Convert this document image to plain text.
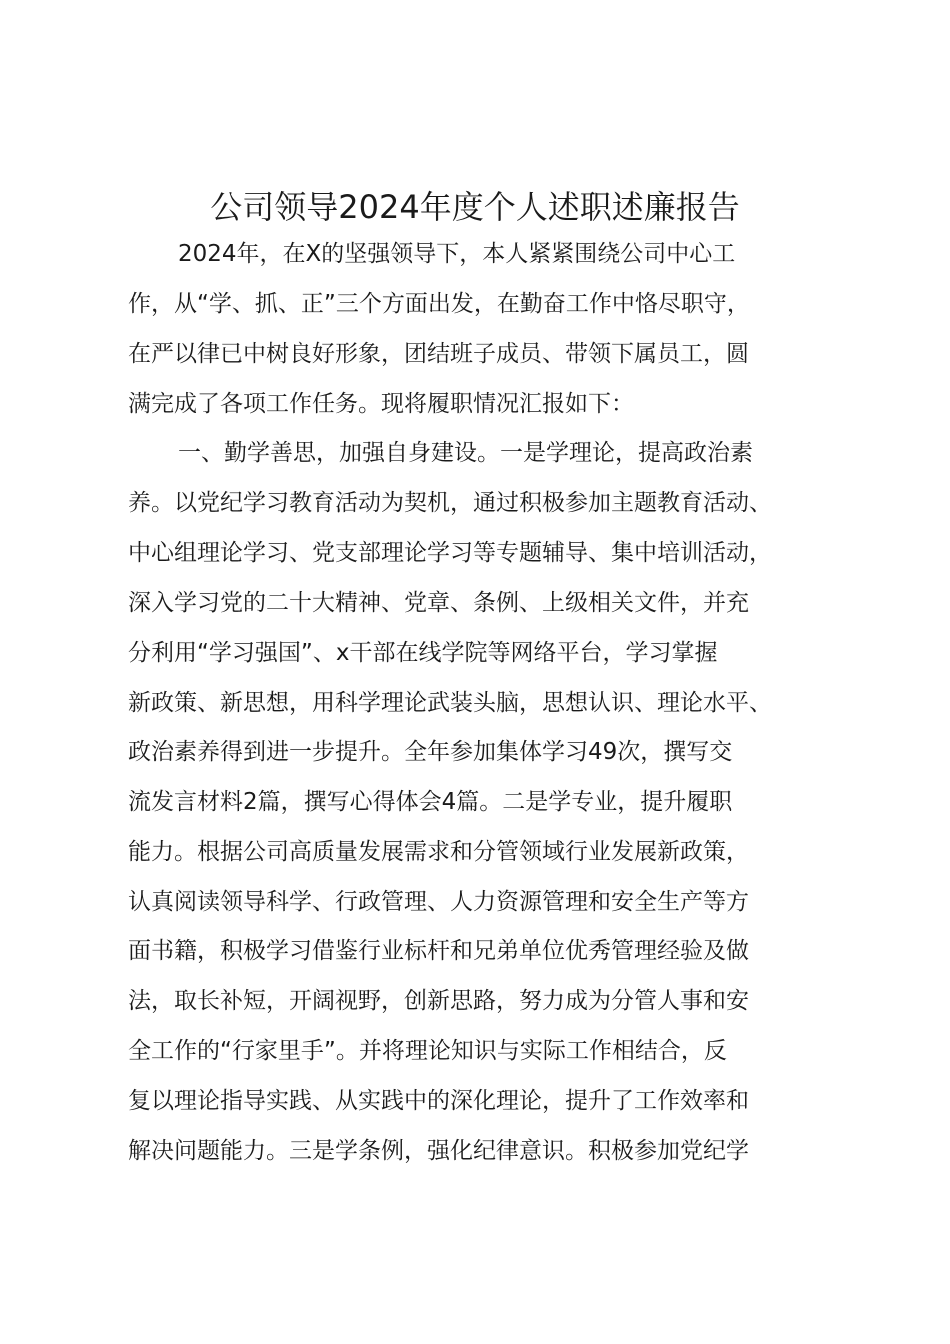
公司领导2024年度个人述职述廉报告

2024年，在X的坚强领导下，本人紧紧围绕公司中心工

作，从“学、抓、正”三个方面出发，在勤奋工作中恪尽职守，

在严以律已中树良好形象，团结班子成员、带领下属员工，圆

满完成了各项工作任务。现将履职情况汇报如下：

一、勤学善思，加强自身建设。一是学理论，提高政治素

养。以党纪学习教育活动为契机，通过积极参加主题教育活动、

中心组理论学习、党支部理论学习等专题辅导、集中培训活动，

深入学习党的二十大精神、党章、条例、上级相关文件，并充

分利用“学习强国”、x干部在线学院等网络平台，学习掌握

新政策、新思想，用科学理论武装头脑，思想认识、理论水平、

政治素养得到进一步提升。全年参加集体学习49次，撰写交

流发言材料2篇，撰写心得体会4篇。二是学专业，提升履职

能力。根据公司高质量发展需求和分管领域行业发展新政策，

认真阅读领导科学、行政管理、人力资源管理和安全生产等方

面书籍，积极学习借鉴行业标杆和兄弟单位优秀管理经验及做

法，取长补短，开阔视野，创新思路，努力成为分管人事和安

全工作的“行家里手”。并将理论知识与实际工作相结合，反

复以理论指导实践、从实践中的深化理论，提升了工作效率和

解决问题能力。三是学条例，强化纪律意识。积极参加党纪学
